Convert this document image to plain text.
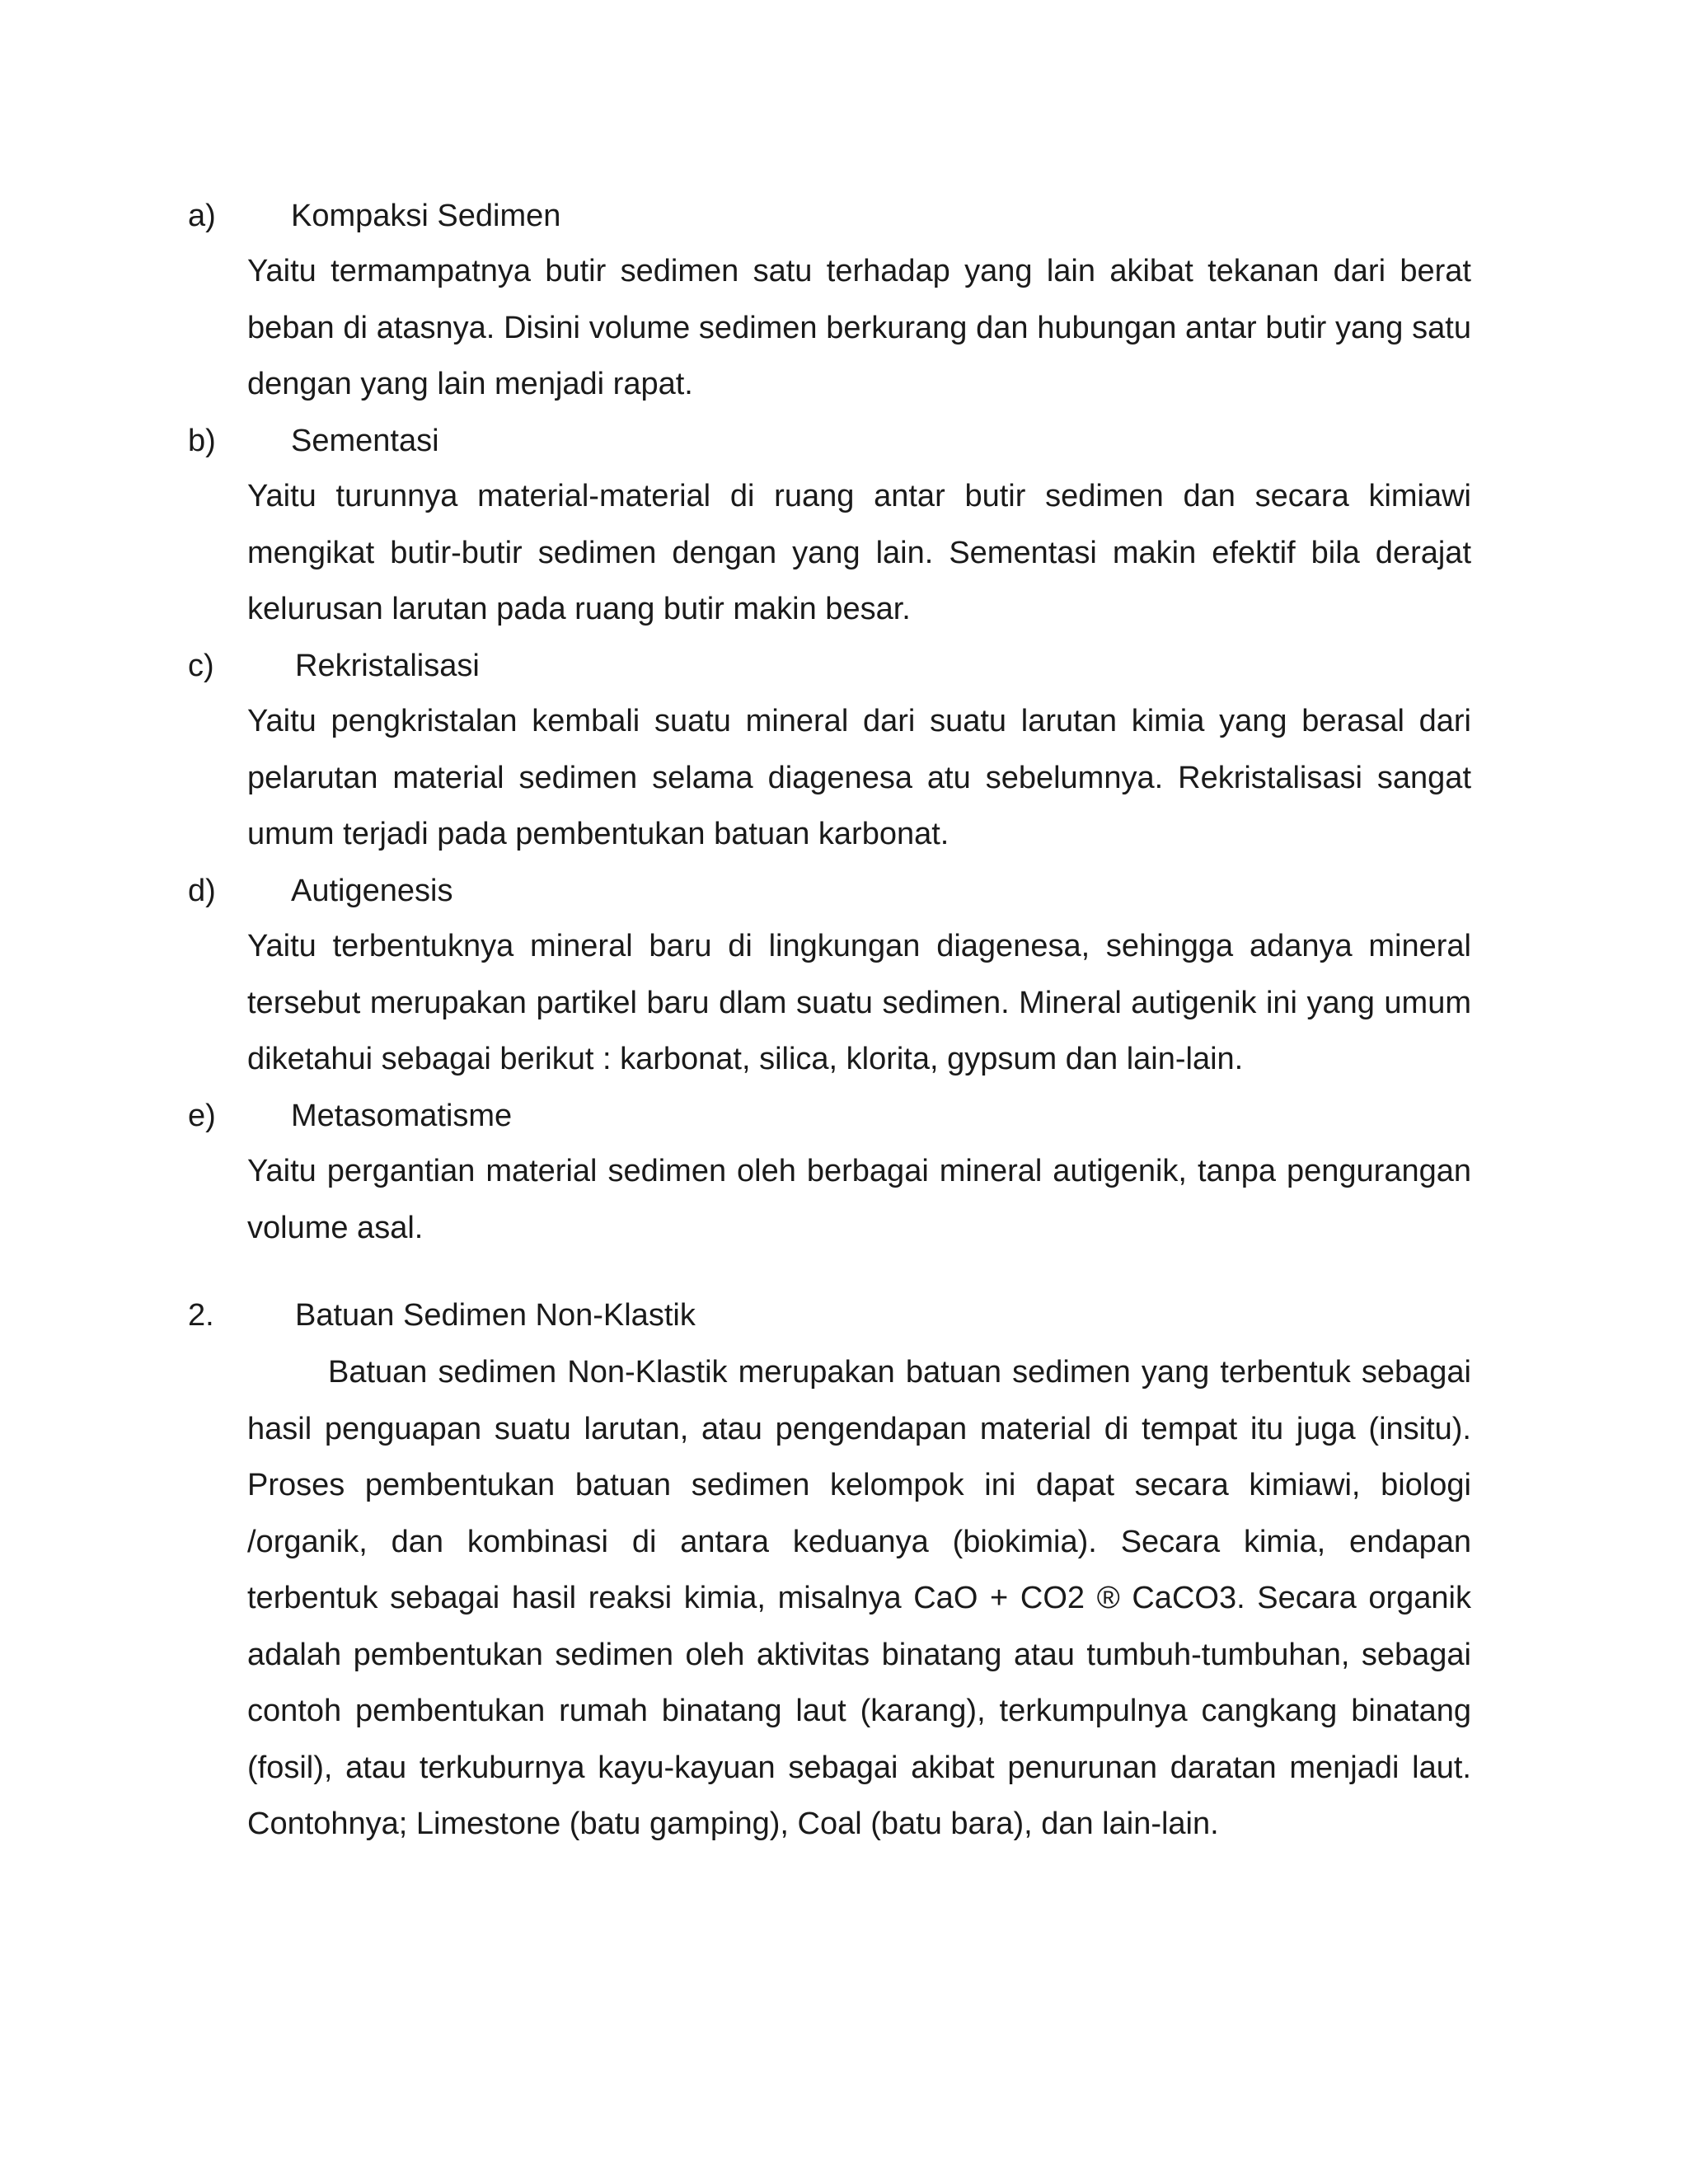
a) Kompaksi Sedimen

Yaitu termampatnya butir sedimen satu terhadap yang lain akibat tekanan dari berat beban di atasnya. Disini volume sedimen berkurang dan hubungan antar butir yang satu dengan yang lain menjadi rapat.

b) Sementasi

Yaitu turunnya material-material di ruang antar butir sedimen dan secara kimiawi mengikat butir-butir sedimen dengan yang lain. Sementasi makin efektif bila derajat kelurusan larutan pada ruang butir makin besar.

c)	Rekristalisasi

Yaitu pengkristalan kembali suatu mineral dari suatu larutan kimia yang berasal dari pelarutan material sedimen selama diagenesa atu sebelumnya. Rekristalisasi sangat umum terjadi pada pembentukan batuan karbonat.

d) Autigenesis

Yaitu terbentuknya mineral baru di lingkungan diagenesa, sehingga adanya mineral tersebut merupakan partikel baru dlam suatu sedimen. Mineral autigenik ini yang umum diketahui sebagai berikut : karbonat, silica, klorita, gypsum dan lain-lain.

e) Metasomatisme

Yaitu pergantian material sedimen oleh berbagai mineral autigenik, tanpa pengurangan volume asal.

2.	Batuan Sedimen Non-Klastik

Batuan sedimen Non-Klastik merupakan batuan sedimen yang terbentuk sebagai hasil penguapan suatu larutan, atau pengendapan material di tempat itu juga (insitu). Proses pembentukan batuan sedimen kelompok ini dapat secara kimiawi, biologi /organik, dan kombinasi di antara keduanya (biokimia). Secara kimia, endapan terbentuk sebagai hasil reaksi kimia, misalnya CaO + CO2 ® CaCO3. Secara organik adalah pembentukan sedimen oleh aktivitas binatang atau tumbuh-tumbuhan, sebagai contoh pembentukan rumah binatang laut (karang), terkumpulnya cangkang binatang (fosil), atau terkuburnya kayu-kayuan sebagai akibat penurunan daratan menjadi laut. Contohnya; Limestone (batu gamping), Coal (batu bara), dan lain-lain.
